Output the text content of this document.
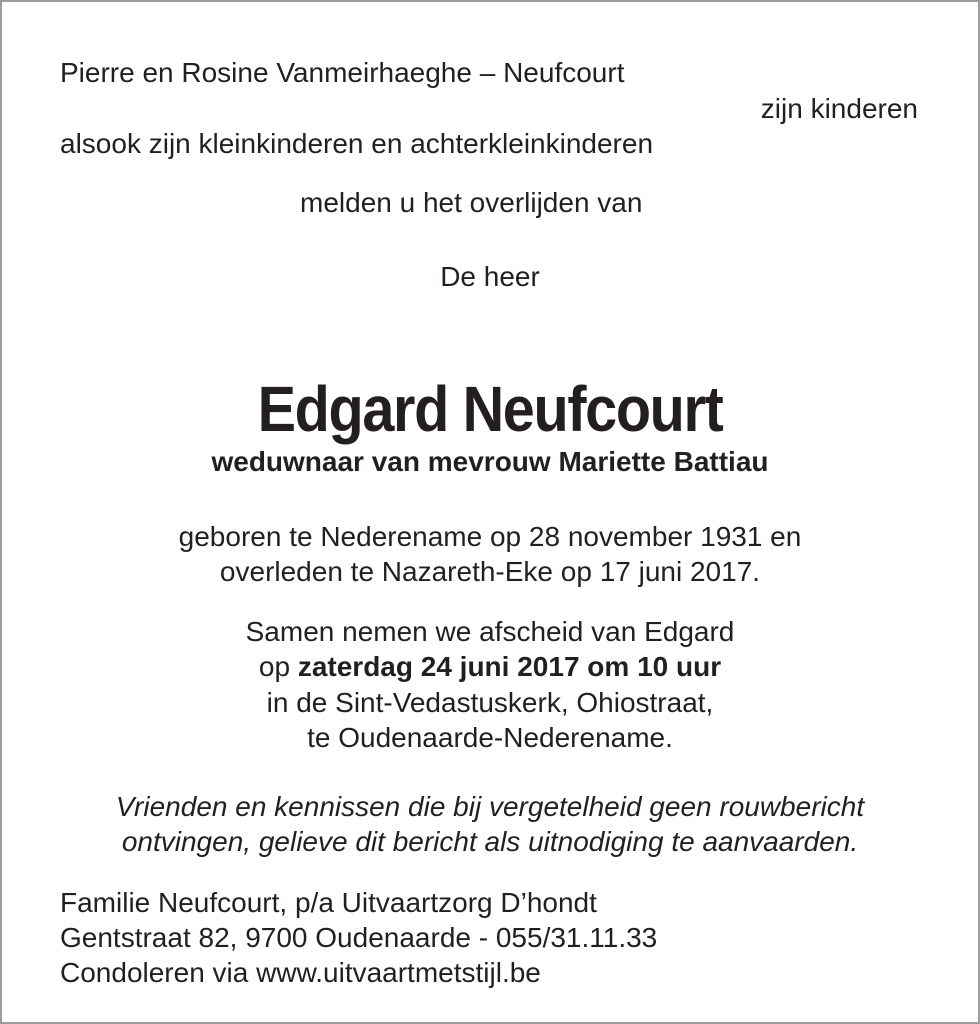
Pierre en Rosine Vanmeirhaeghe – Neufcourt

zijn kinderen

alsook zijn kleinkinderen en achterkleinkinderen

melden u het overlijden van

De heer

Edgard Neufcourt

weduwnaar van mevrouw Mariette Battiau

geboren te Nederename op 28 november 1931 en

overleden te Nazareth-Eke op 17 juni 2017.

Samen nemen we afscheid van Edgard

op zaterdag 24 juni 2017 om 10 uur

in de Sint-Vedastuskerk, Ohiostraat,

te Oudenaarde-Nederename.

Vrienden en kennissen die bij vergetelheid geen rouwbericht

ontvingen, gelieve dit bericht als uitnodiging te aanvaarden.

Familie Neufcourt, p/a Uitvaartzorg D’hondt

Gentstraat 82, 9700 Oudenaarde - 055/31.11.33

Condoleren via www.uitvaartmetstijl.be
